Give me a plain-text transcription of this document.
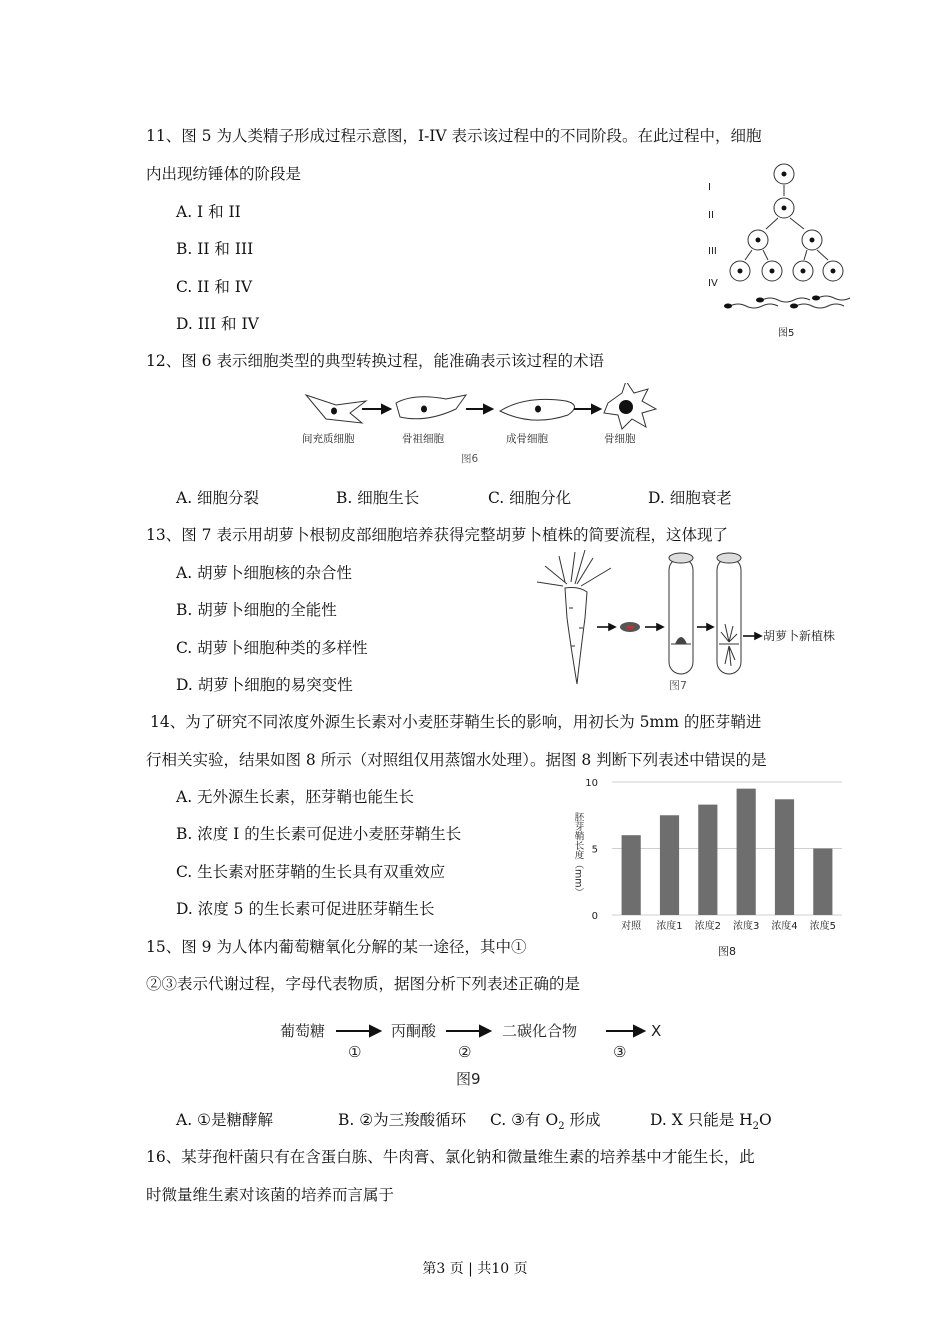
11、图 5 为人类精子形成过程示意图，I-IV 表示该过程中的不同阶段。在此过程中，细胞
内出现纺锤体的阶段是
A. I 和 II
B. II 和 III
C. II 和 IV
D. III 和 IV
I
II
III
IV
图5
12、图 6 表示细胞类型的典型转换过程，能准确表示该过程的术语
间充质细胞	骨祖细胞	成骨细胞	骨细胞
图6
A. 细胞分裂	B. 细胞生长	C. 细胞分化	D. 细胞衰老
13、图 7 表示用胡萝卜根韧皮部细胞培养获得完整胡萝卜植株的简要流程，这体现了
A. 胡萝卜细胞核的杂合性
B. 胡萝卜细胞的全能性
C. 胡萝卜细胞种类的多样性
D. 胡萝卜细胞的易突变性
胡萝卜新植株
图7
14、为了研究不同浓度外源生长素对小麦胚芽鞘生长的影响，用初长为 5mm 的胚芽鞘进
行相关实验，结果如图 8 所示（对照组仅用蒸馏水处理）。据图 8 判断下列表述中错误的是
A. 无外源生长素，胚芽鞘也能生长
B. 浓度 I 的生长素可促进小麦胚芽鞘生长
C. 生长素对胚芽鞘的生长具有双重效应
D. 浓度 5 的生长素可促进胚芽鞘生长	0
5
10
对照 浓度1 浓度2 浓度3 浓度4 浓度5
胚芽鞘长度（mm）
图8
15、图 9 为人体内葡萄糖氧化分解的某一途径，其中①
②③表示代谢过程，字母代表物质，据图分析下列表述正确的是
葡萄糖	丙酮酸	二碳化合物	X
①	②	③
图9
A. ①是糖酵解	B. ②为三羧酸循环 C. ③有 $O_2$ 形成	D. X 只能是 $H_2O$
16、某芽孢杆菌只有在含蛋白胨、牛肉膏、氯化钠和微量维生素的培养基中才能生长，此
时微量维生素对该菌的培养而言属于
第3 页 | 共10 页
